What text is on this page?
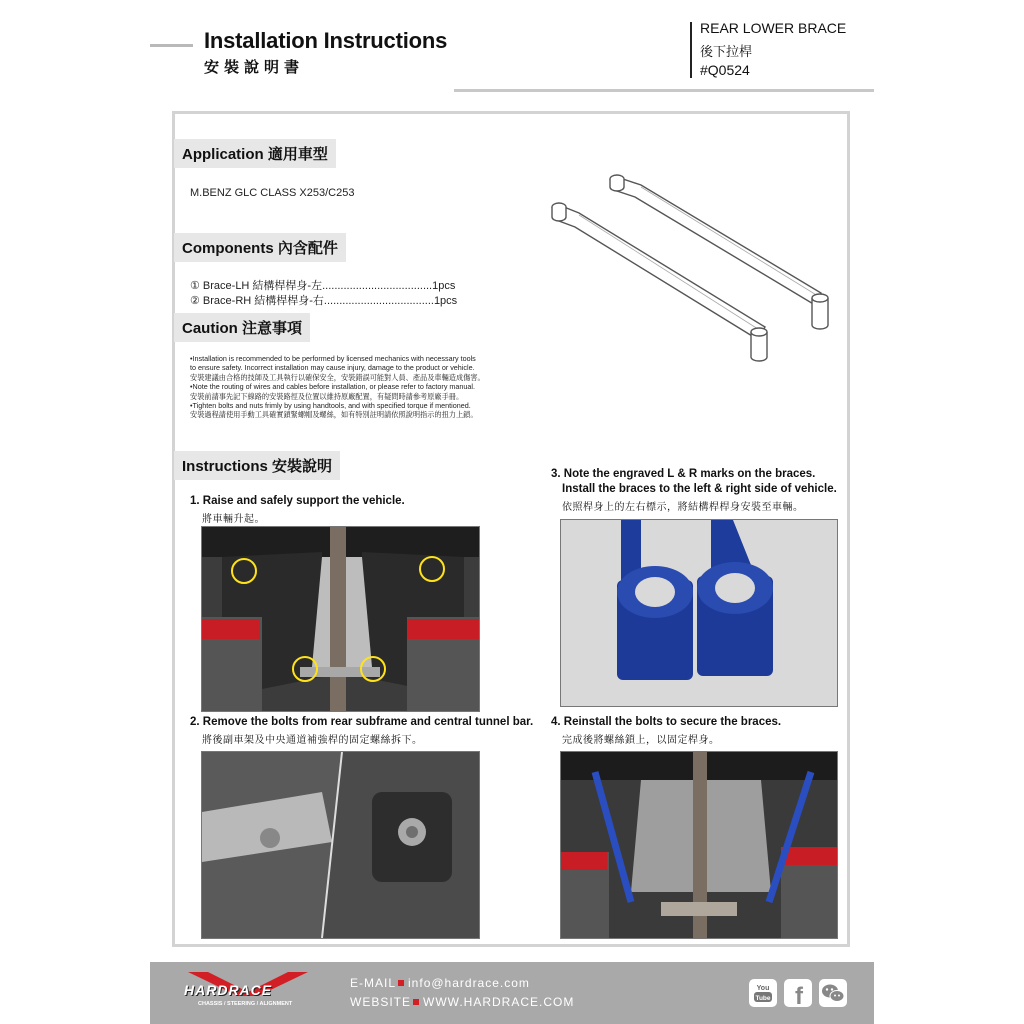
Installation Instructions
安裝說明書
REAR LOWER BRACE
後下拉桿
#Q0524
Application 適用車型
M.BENZ GLC CLASS X253/C253
Components 內含配件
① Brace-LH 結構桿桿身-左....................................1pcs
② Brace-RH 結構桿桿身-右....................................1pcs
Caution 注意事項
•Installation is recommended to be performed by licensed mechanics with necessary tools
to ensure safety. Incorrect installation may cause injury, damage to the product or vehicle.
安裝建議由合格的技師及工具執行以確保安全，安裝錯誤可能對人員、產品及車輛造成傷害。
•Note the routing of wires and cables before installation, or please refer to factory manual.
安裝前請事先記下線路的安裝路徑及位置以維持原廠配置，有疑問時請參考原廠手冊。
•Tighten bolts and nuts frimly by using handtools, and with specified torque if mentioned.
安裝過程請使用手動工具確實鎖緊螺帽及螺絲，如有特別註明請依照說明指示的扭力上鎖。
Instructions 安裝說明
1. Raise and safely support the vehicle.
將車輛升起。
2. Remove the bolts from rear subframe and central tunnel bar.
將後副車架及中央通道補強桿的固定螺絲拆下。
3. Note the engraved L & R marks on the braces.
Install the braces to the left & right side of vehicle.
依照桿身上的左右標示，將結構桿桿身安裝至車輛。
4. Reinstall the bolts to secure the braces.
完成後將螺絲鎖上，以固定桿身。
HARDRACE
CHASSIS / STEERING / ALIGNMENT
E-MAIL info@hardrace.com
WEBSITE WWW.HARDRACE.COM
You
Tube f
